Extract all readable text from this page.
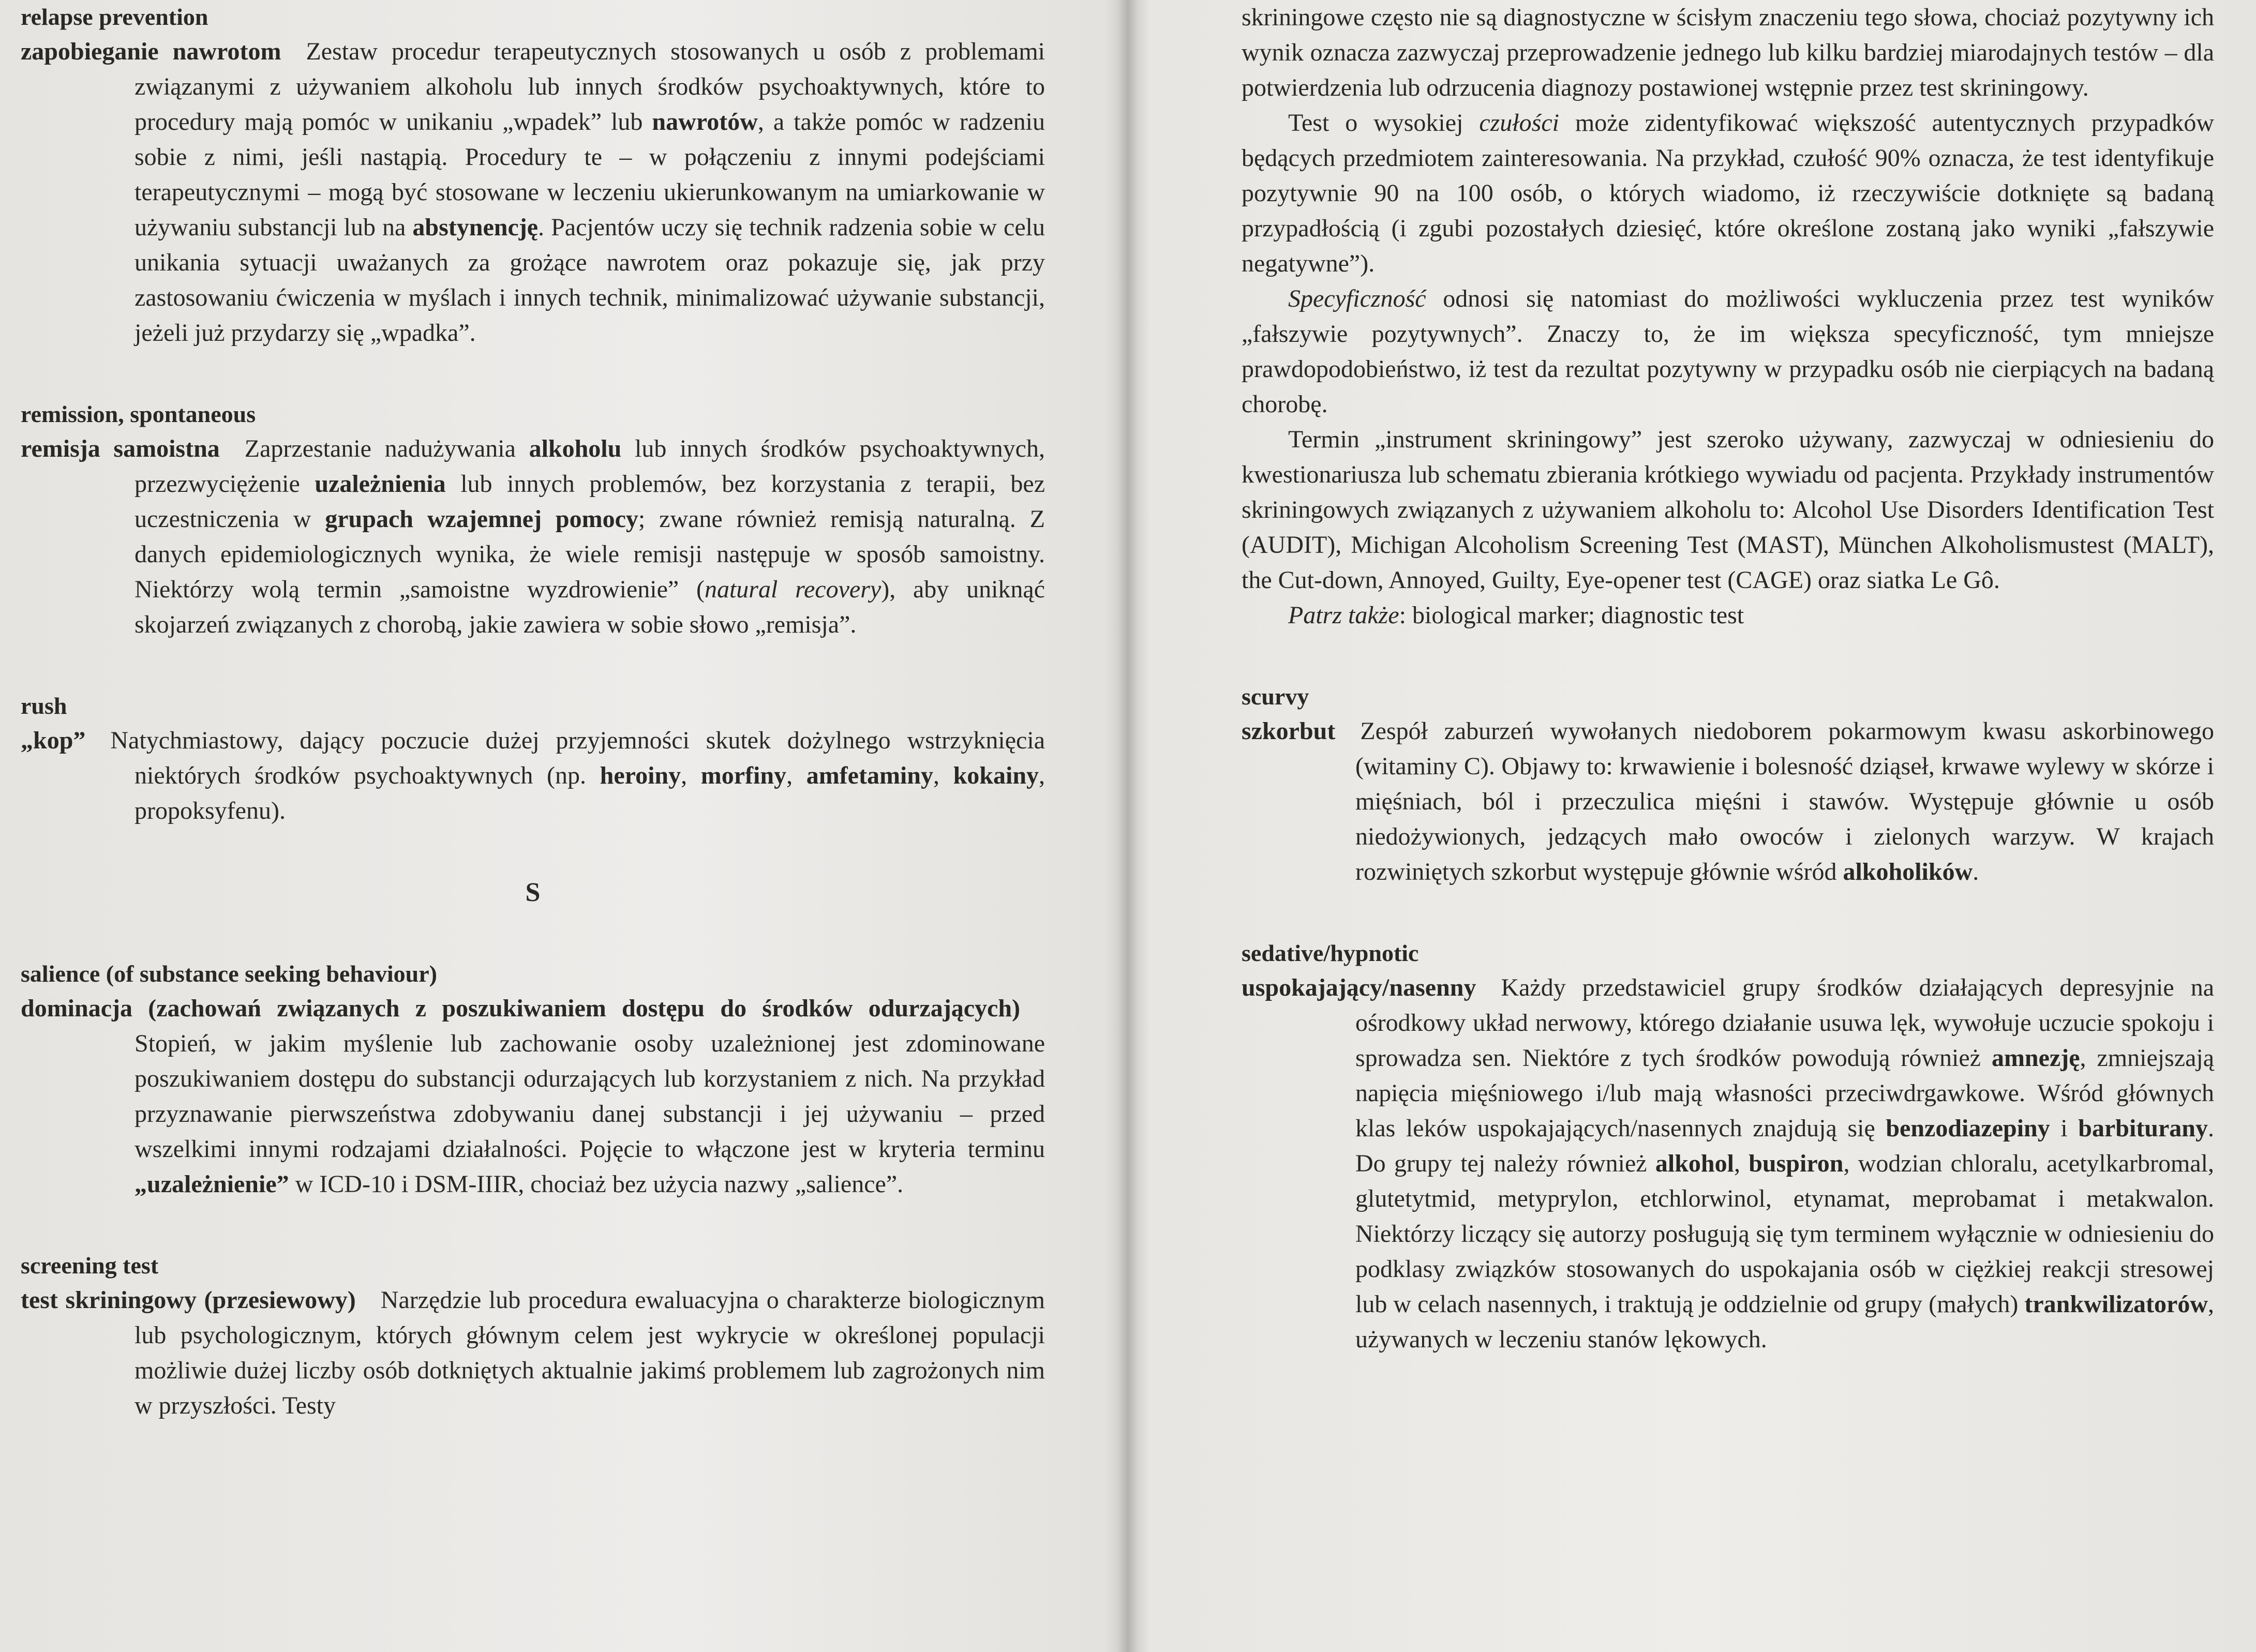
relapse prevention

zapobieganie nawrotom  Zestaw procedur terapeutycznych stosowanych u osób z problemami związanymi z używaniem alkoholu lub innych środków psychoaktywnych, które to procedury mają pomóc w unikaniu „wpadek” lub nawrotów, a także pomóc w radzeniu sobie z nimi, jeśli nastąpią. Procedury te – w połączeniu z innymi podejściami terapeutycznymi – mogą być stosowane w leczeniu ukierunkowanym na umiarkowanie w używaniu substancji lub na abstynencję. Pacjentów uczy się technik radzenia sobie w celu unikania sytuacji uważanych za grożące nawrotem oraz pokazuje się, jak przy zastosowaniu ćwiczenia w myślach i innych technik, minimalizować używanie substancji, jeżeli już przydarzy się „wpadka”.

remission, spontaneous

remisja samoistna  Zaprzestanie nadużywania alkoholu lub innych środków psychoaktywnych, przezwyciężenie uzależnienia lub innych problemów, bez korzystania z terapii, bez uczestniczenia w grupach wzajemnej pomocy; zwane również remisją naturalną. Z danych epidemiologicznych wynika, że wiele remisji następuje w sposób samoistny. Niektórzy wolą termin „samoistne wyzdrowienie” (natural recovery), aby uniknąć skojarzeń związanych z chorobą, jakie zawiera w sobie słowo „remisja”.

rush

„kop”  Natychmiastowy, dający poczucie dużej przyjemności skutek dożylnego wstrzyknięcia niektórych środków psychoaktywnych (np. heroiny, morfiny, amfetaminy, kokainy, propoksyfenu).

S
salience (of substance seeking behaviour)

dominacja (zachowań związanych z poszukiwaniem dostępu do środków odurzających) Stopień, w jakim myślenie lub zachowanie osoby uzależnionej jest zdominowane poszukiwaniem dostępu do substancji odurzających lub korzystaniem z nich. Na przykład przyznawanie pierwszeństwa zdobywaniu danej substancji i jej używaniu – przed wszelkimi innymi rodzajami działalności. Pojęcie to włączone jest w kryteria terminu „uzależnienie” w ICD-10 i DSM-IIIR, chociaż bez użycia nazwy „salience”.

screening test

test skriningowy (przesiewowy)  Narzędzie lub procedura ewaluacyjna o charakterze biologicznym lub psychologicznym, których głównym celem jest wykrycie w określonej populacji możliwie dużej liczby osób dotkniętych aktualnie jakimś problemem lub zagrożonych nim w przyszłości. Testy

skriningowe często nie są diagnostyczne w ścisłym znaczeniu tego słowa, chociaż pozytywny ich wynik oznacza zazwyczaj przeprowadzenie jednego lub kilku bardziej miarodajnych testów – dla potwierdzenia lub odrzucenia diagnozy postawionej wstępnie przez test skriningowy.

Test o wysokiej czułości może zidentyfikować większość autentycznych przypadków będących przedmiotem zainteresowania. Na przykład, czułość 90% oznacza, że test identyfikuje pozytywnie 90 na 100 osób, o których wiadomo, iż rzeczywiście dotknięte są badaną przypadłością (i zgubi pozostałych dziesięć, które określone zostaną jako wyniki „fałszywie negatywne”).

Specyficzność odnosi się natomiast do możliwości wykluczenia przez test wyników „fałszywie pozytywnych”. Znaczy to, że im większa specyficzność, tym mniejsze prawdopodobieństwo, iż test da rezultat pozytywny w przypadku osób nie cierpiących na badaną chorobę.

Termin „instrument skriningowy” jest szeroko używany, zazwyczaj w odniesieniu do kwestionariusza lub schematu zbierania krótkiego wywiadu od pacjenta. Przykłady instrumentów skriningowych związanych z używaniem alkoholu to: Alcohol Use Disorders Identification Test (AUDIT), Michigan Alcoholism Screening Test (MAST), München Alkoholismustest (MALT), the Cut-down, Annoyed, Guilty, Eye-opener test (CAGE) oraz siatka Le Gô.

Patrz także: biological marker; diagnostic test

scurvy

szkorbut  Zespół zaburzeń wywołanych niedoborem pokarmowym kwasu askorbinowego (witaminy C). Objawy to: krwawienie i bolesność dziąseł, krwawe wylewy w skórze i mięśniach, ból i przeczulica mięśni i stawów. Występuje głównie u osób niedożywionych, jedzących mało owoców i zielonych warzyw. W krajach rozwiniętych szkorbut występuje głównie wśród alkoholików.

sedative/hypnotic

uspokajający/nasenny  Każdy przedstawiciel grupy środków działających depresyjnie na ośrodkowy układ nerwowy, którego działanie usuwa lęk, wywołuje uczucie spokoju i sprowadza sen. Niektóre z tych środków powodują również amnezję, zmniejszają napięcia mięśniowego i/lub mają własności przeciwdrgawkowe. Wśród głównych klas leków uspokajających/nasennych znajdują się benzodiazepiny i barbiturany. Do grupy tej należy również alkohol, buspiron, wodzian chloralu, acetylkarbromal, glutetytmid, metyprylon, etchlorwinol, etynamat, meprobamat i metakwalon. Niektórzy liczący się autorzy posługują się tym terminem wyłącznie w odniesieniu do podklasy związków stosowanych do uspokajania osób w ciężkiej reakcji stresowej lub w celach nasennych, i traktują je oddzielnie od grupy (małych) trankwilizatorów, używanych w leczeniu stanów lękowych.
